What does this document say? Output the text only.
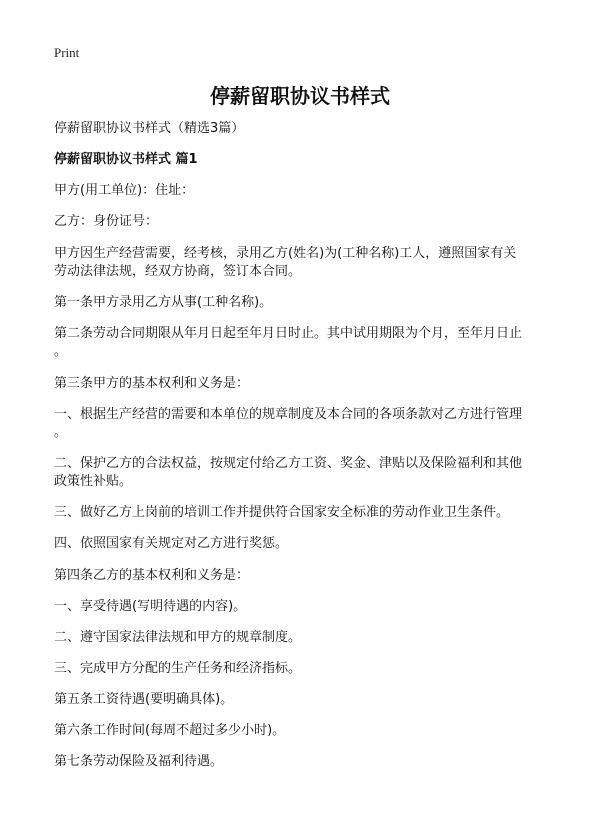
Print
停薪留职协议书样式
停薪留职协议书样式（精选3篇）
停薪留职协议书样式 篇1
甲方(用工单位)：住址：
乙方：身份证号：
甲方因生产经营需要，经考核，录用乙方(姓名)为(工种名称)工人，遵照国家有关
劳动法律法规，经双方协商，签订本合同。
第一条甲方录用乙方从事(工种名称)。
第二条劳动合同期限从年月日起至年月日时止。其中试用期限为个月，至年月日止
。
第三条甲方的基本权利和义务是：
一、根据生产经营的需要和本单位的规章制度及本合同的各项条款对乙方进行管理
。
二、保护乙方的合法权益，按规定付给乙方工资、奖金、津贴以及保险福利和其他
政策性补贴。
三、做好乙方上岗前的培训工作并提供符合国家安全标准的劳动作业卫生条件。
四、依照国家有关规定对乙方进行奖惩。
第四条乙方的基本权利和义务是：
一、享受待遇(写明待遇的内容)。
二、遵守国家法律法规和甲方的规章制度。
三、完成甲方分配的生产任务和经济指标。
第五条工资待遇(要明确具体)。
第六条工作时间(每周不超过多少小时)。
第七条劳动保险及福利待遇。
